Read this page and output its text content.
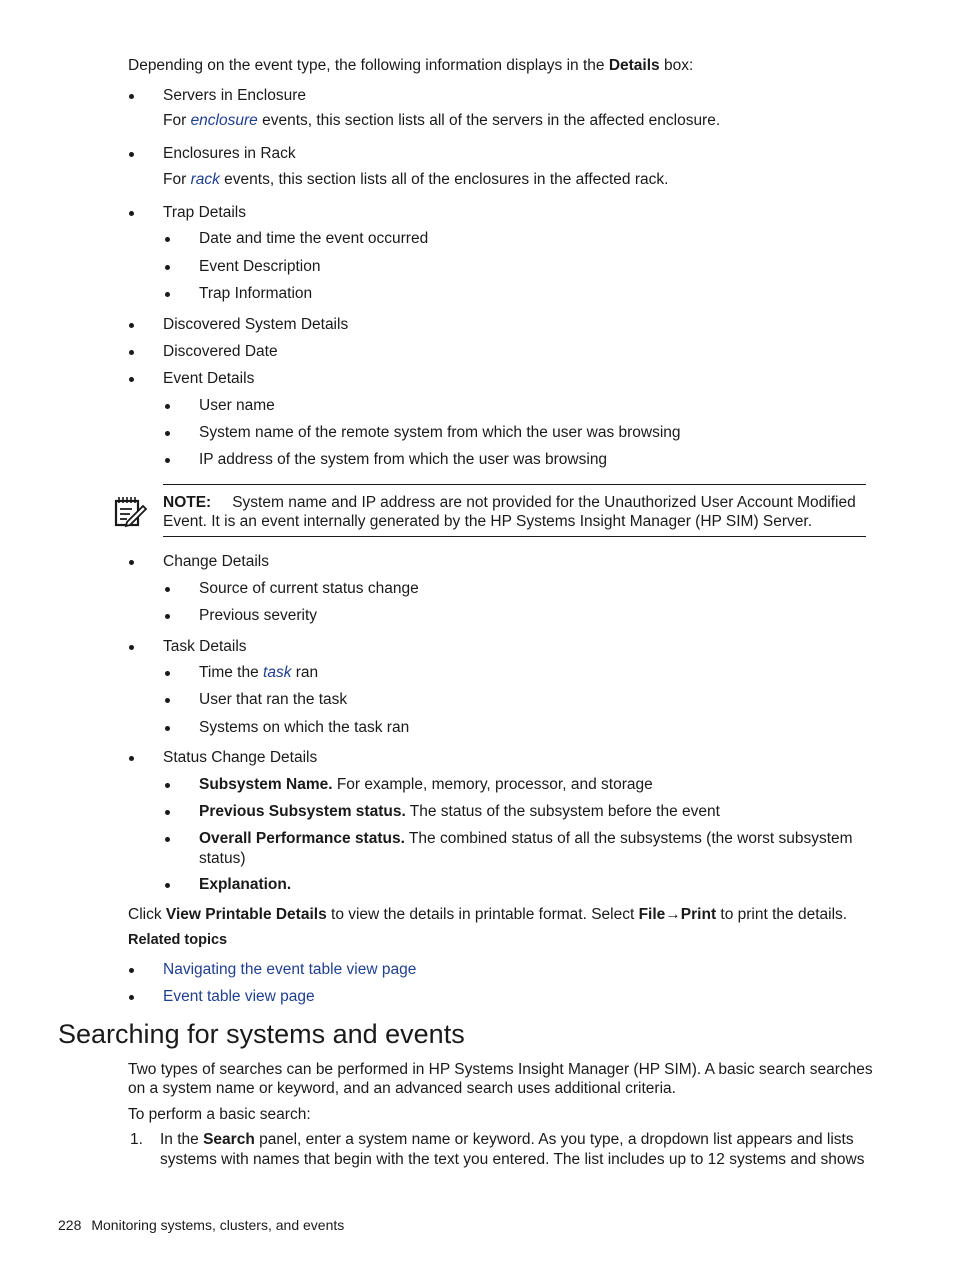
Depending on the event type, the following information displays in the Details box:
Servers in Enclosure
For enclosure events, this section lists all of the servers in the affected enclosure.
Enclosures in Rack
For rack events, this section lists all of the enclosures in the affected rack.
Trap Details
Date and time the event occurred
Event Description
Trap Information
Discovered System Details
Discovered Date
Event Details
User name
System name of the remote system from which the user was browsing
IP address of the system from which the user was browsing
NOTE: System name and IP address are not provided for the Unauthorized User Account Modified
Event. It is an event internally generated by the HP Systems Insight Manager (HP SIM) Server.
Change Details
Source of current status change
Previous severity
Task Details
Time the task ran
User that ran the task
Systems on which the task ran
Status Change Details
Subsystem Name. For example, memory, processor, and storage
Previous Subsystem status. The status of the subsystem before the event
Overall Performance status. The combined status of all the subsystems (the worst subsystem
status)
Explanation.
Click View Printable Details to view the details in printable format. Select File→Print to print the details.
Related topics
Navigating the event table view page
Event table view page
Searching for systems and events
Two types of searches can be performed in HP Systems Insight Manager (HP SIM). A basic search searches
on a system name or keyword, and an advanced search uses additional criteria.
To perform a basic search:
1. In the Search panel, enter a system name or keyword. As you type, a dropdown list appears and lists
systems with names that begin with the text you entered. The list includes up to 12 systems and shows
228 Monitoring systems, clusters, and events
